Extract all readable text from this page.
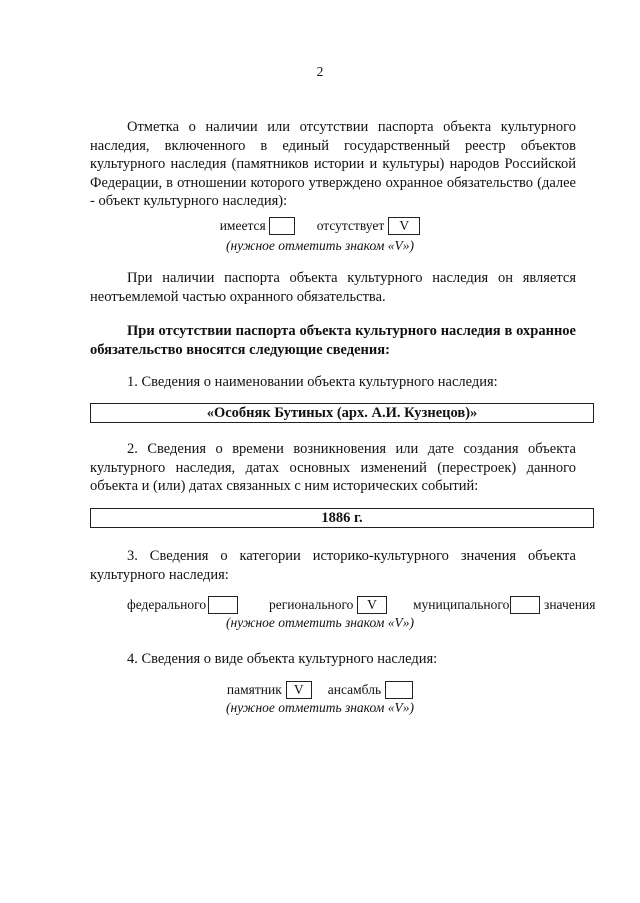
2

Отметка о наличии или отсутствии паспорта объекта культурного наследия, включенного в единый государственный реестр объектов культурного наследия (памятников истории и культуры) народов Российской Федерации, в отношении которого утверждено охранное обязательство (далее - объект культурного наследия):

имеется	отсутствует	V
(нужное отметить знаком «V»)

При наличии паспорта объекта культурного наследия он является неотъемлемой частью охранного обязательства.

При отсутствии паспорта объекта культурного наследия в охранное обязательство вносятся следующие сведения:

1. Сведения о наименовании объекта культурного наследия:

«Особняк Бутиных (арх. А.И. Кузнецов)»

2. Сведения о времени возникновения или дате создания объекта культурного наследия, датах основных изменений (перестроек) данного объекта и (или) датах связанных с ним исторических событий:

1886 г.

3. Сведения о категории историко-культурного значения объекта культурного наследия:

федерального	регионального	V	муниципального	значения
(нужное отметить знаком «V»)

4. Сведения о виде объекта культурного наследия:

памятник V	ансамбль
(нужное отметить знаком «V»)
